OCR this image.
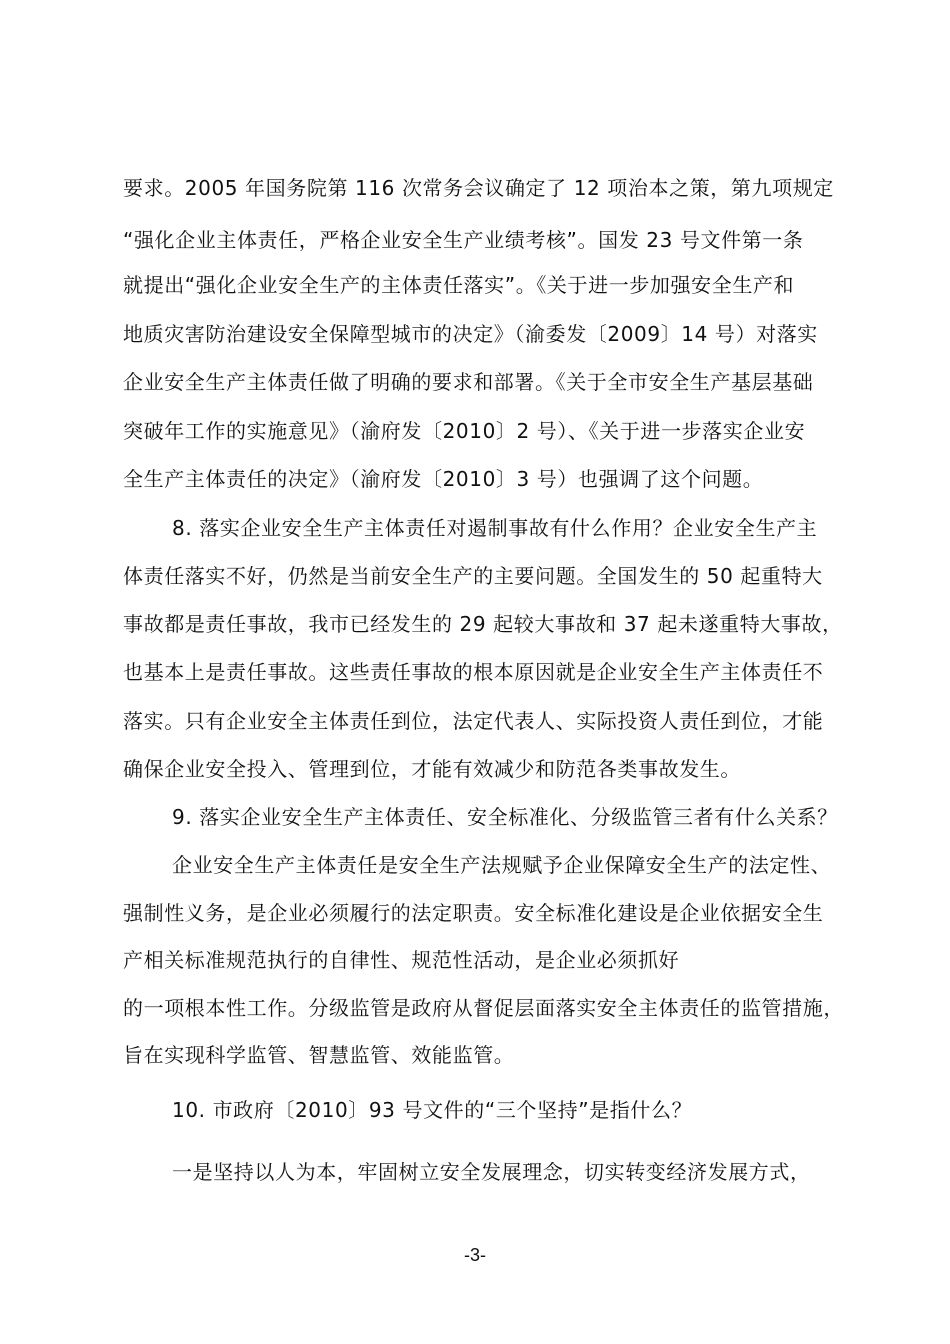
要求。2005 年国务院第 116 次常务会议确定了 12 项治本之策，第九项规定
“强化企业主体责任，严格企业安全生产业绩考核”。国发 23 号文件第一条
就提出“强化企业安全生产的主体责任落实”。《关于进一步加强安全生产和
地质灾害防治建设安全保障型城市的决定》（渝委发〔2009〕14 号）对落实
企业安全生产主体责任做了明确的要求和部署。《关于全市安全生产基层基础
突破年工作的实施意见》（渝府发〔2010〕2 号）、《关于进一步落实企业安
全生产主体责任的决定》（渝府发〔2010〕3 号）也强调了这个问题。
8. 落实企业安全生产主体责任对遏制事故有什么作用？企业安全生产主
体责任落实不好，仍然是当前安全生产的主要问题。全国发生的 50 起重特大
事故都是责任事故，我市已经发生的 29 起较大事故和 37 起未遂重特大事故，
也基本上是责任事故。这些责任事故的根本原因就是企业安全生产主体责任不
落实。只有企业安全主体责任到位，法定代表人、实际投资人责任到位，才能
确保企业安全投入、管理到位，才能有效减少和防范各类事故发生。
9. 落实企业安全生产主体责任、安全标准化、分级监管三者有什么关系？
企业安全生产主体责任是安全生产法规赋予企业保障安全生产的法定性、
强制性义务，是企业必须履行的法定职责。安全标准化建设是企业依据安全生
产相关标准规范执行的自律性、规范性活动，是企业必须抓好
的一项根本性工作。分级监管是政府从督促层面落实安全主体责任的监管措施，
旨在实现科学监管、智慧监管、效能监管。
10. 市政府〔2010〕93 号文件的“三个坚持”是指什么？
一是坚持以人为本，牢固树立安全发展理念，切实转变经济发展方式，
-3-
